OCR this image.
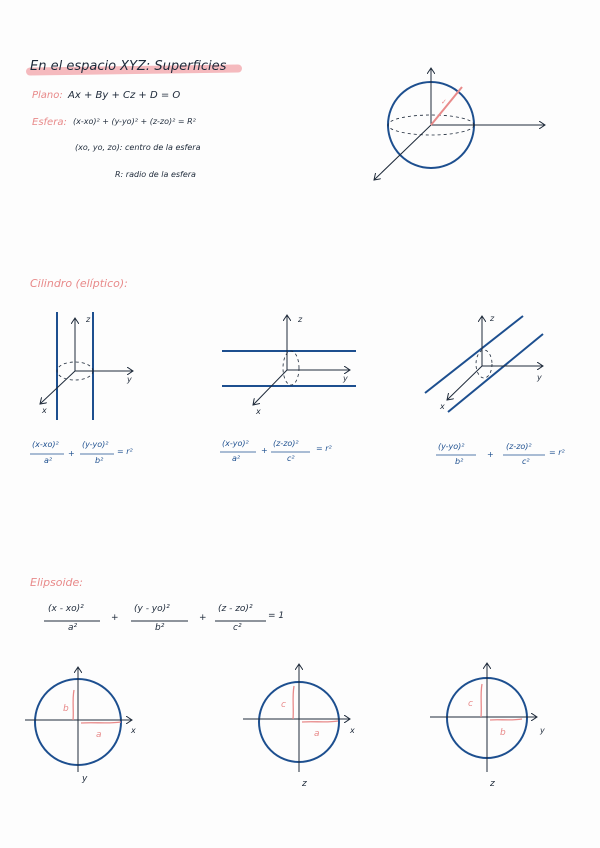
En el espacio XYZ: Superficies
Plano: Ax + By + Cz + D = O
Esfera: (x-xo)² + (y-yo)² + (z-zo)² = R²
(xo, yo, zo): centro de la esfera
R: radio de la esfera
Cilindro (elíptico):
Elipsoide:
(x - xo)²
a²
+
(y - yo)²
b²
+
(z - zo)²
c²
= 1
(x-xo)²
a²
+
(y-yo)²
b²
= r²
(x-yo)²
a²
+
(z-zo)²
c²
= r²	(y-yo)²
b²
+
(z-zo)²
c²
= r²
✓
z
y
x
z
y
x
z
y
x
b
a	x
y
c
a	x
z
c
b	y
z
